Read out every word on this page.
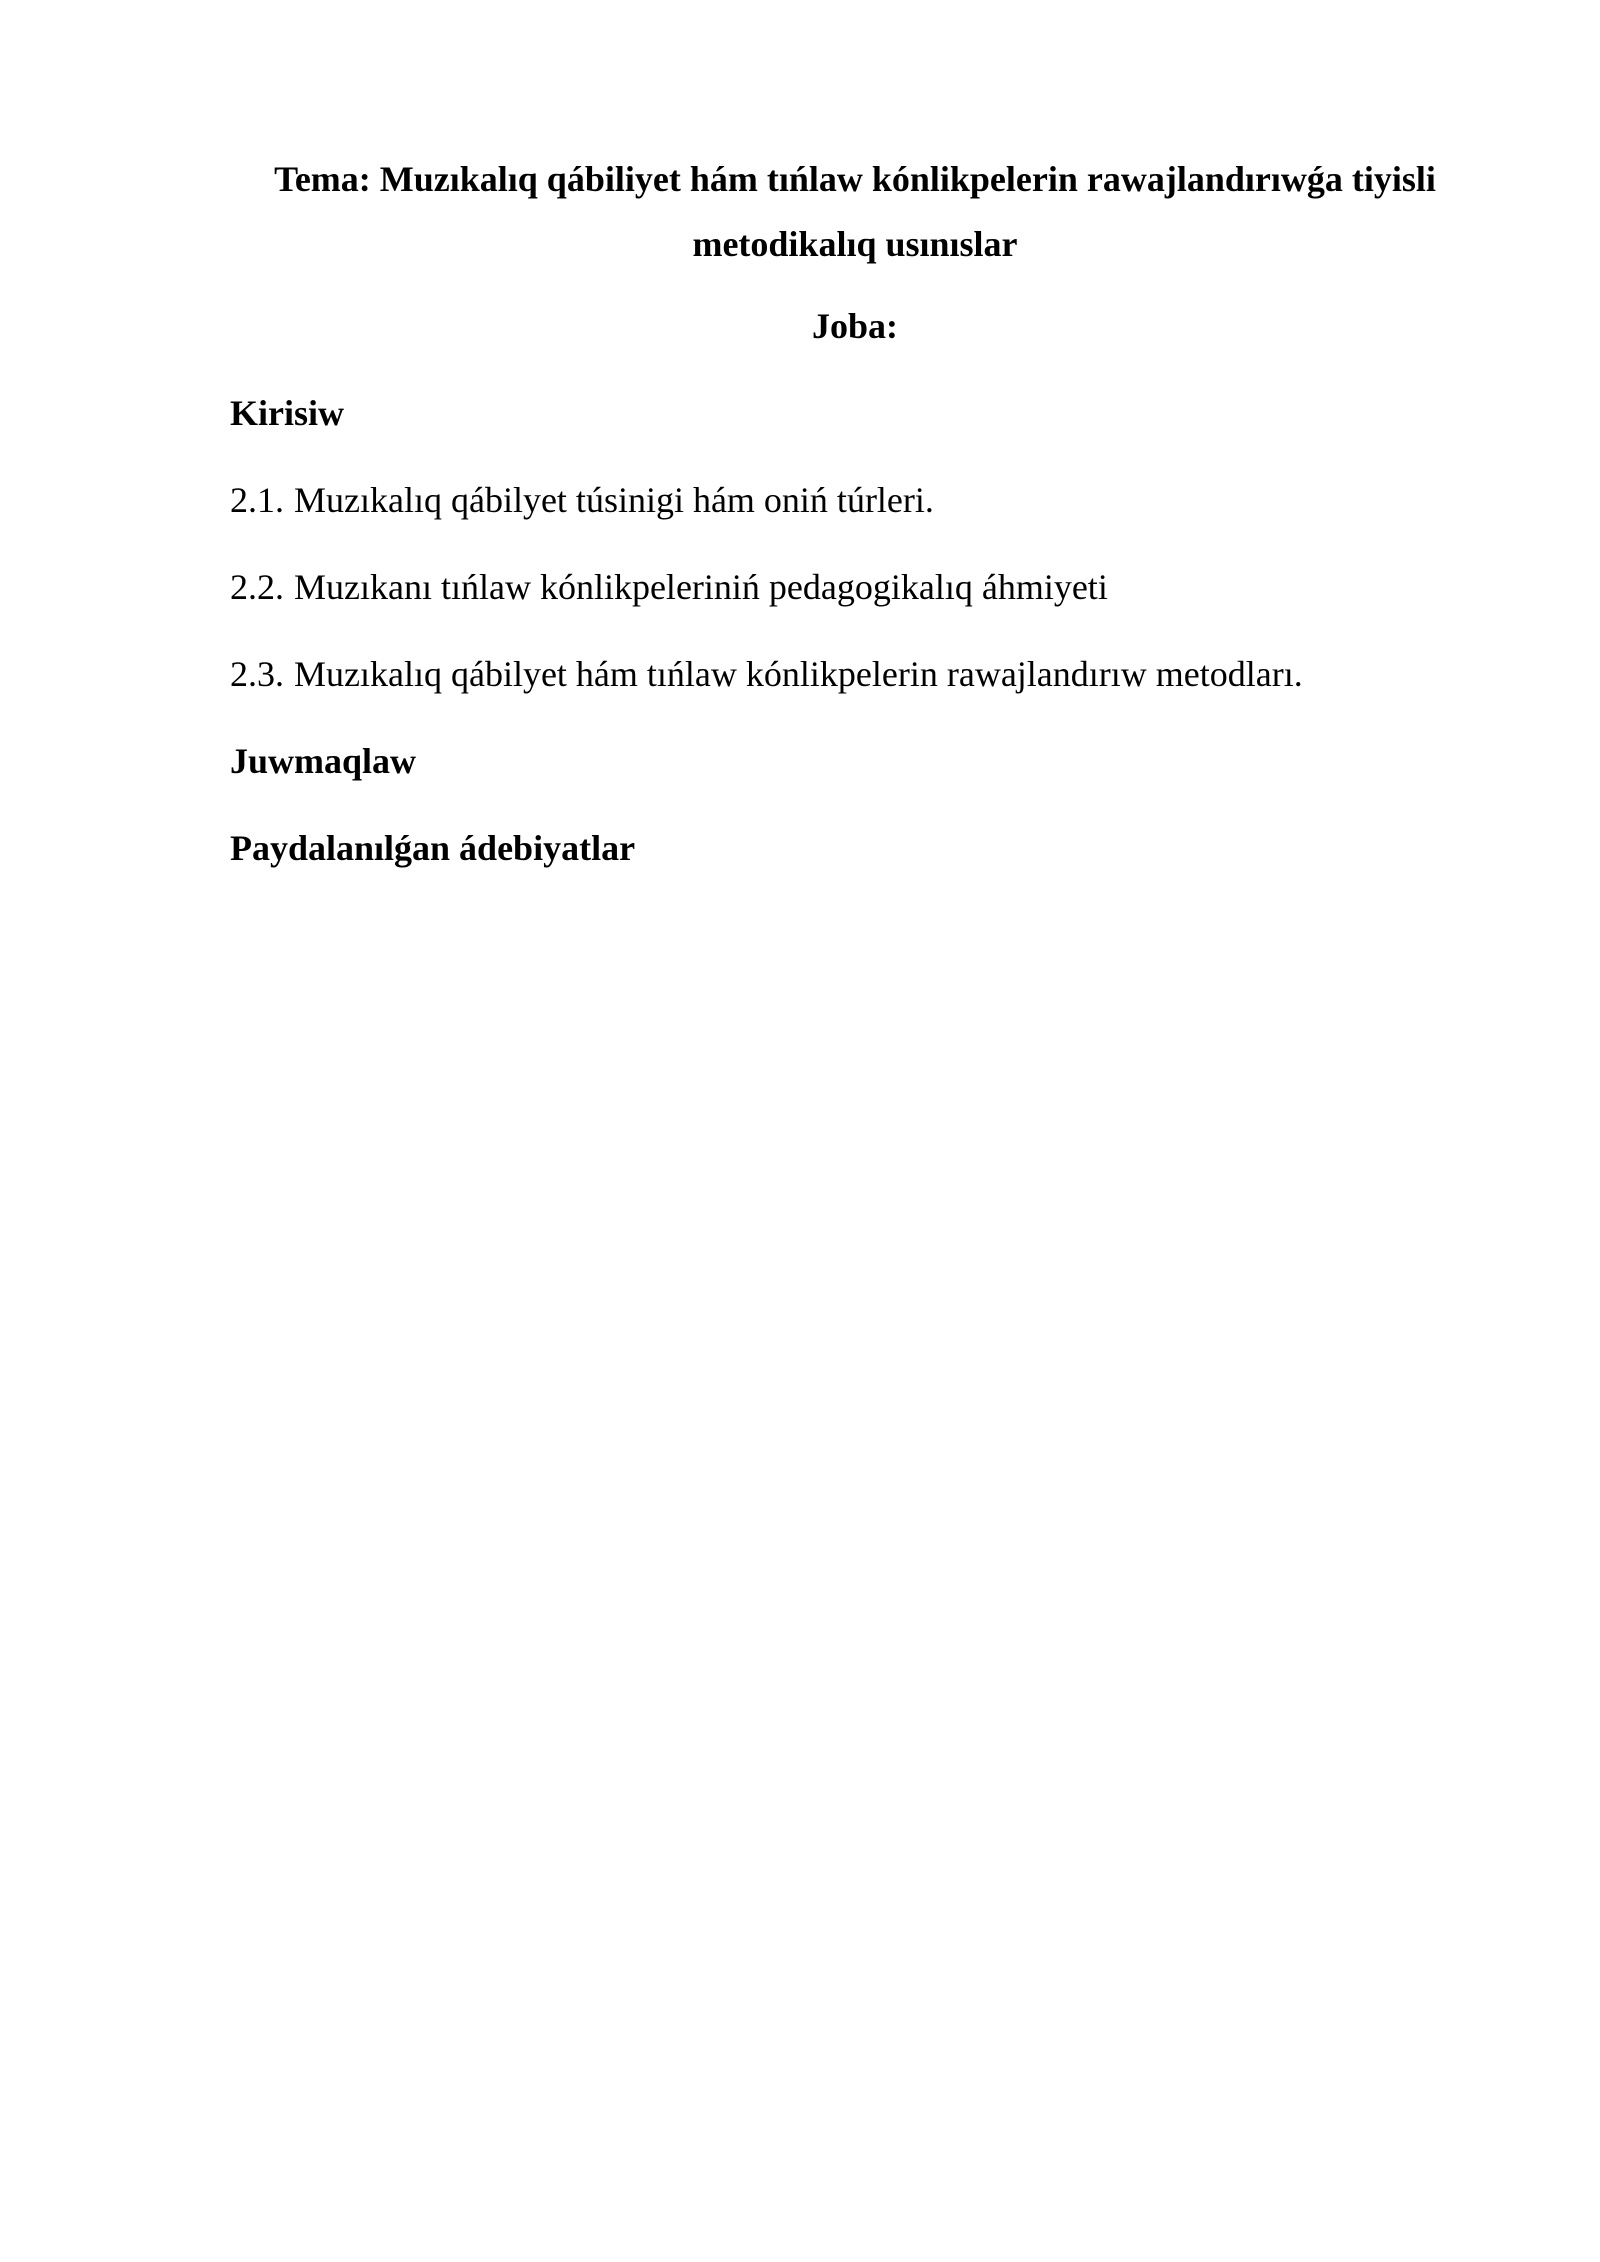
Tema: Muzıkalıq qábiliyet hám tıńlaw kónlikpelerin rawajlandırıwǵa tiyisli metodikalıq usınıslar
Joba:
Kirisiw
2.1. Muzıkalıq qábilyet túsinigi hám oniń túrleri.
2.2. Muzıkanı tıńlaw kónlikpeleriniń pedagogikalıq áhmiyeti
2.3. Muzıkalıq qábilyet hám tıńlaw kónlikpelerin rawajlandırıw metodları.
Juwmaqlaw
Paydalanılǵan ádebiyatlar
